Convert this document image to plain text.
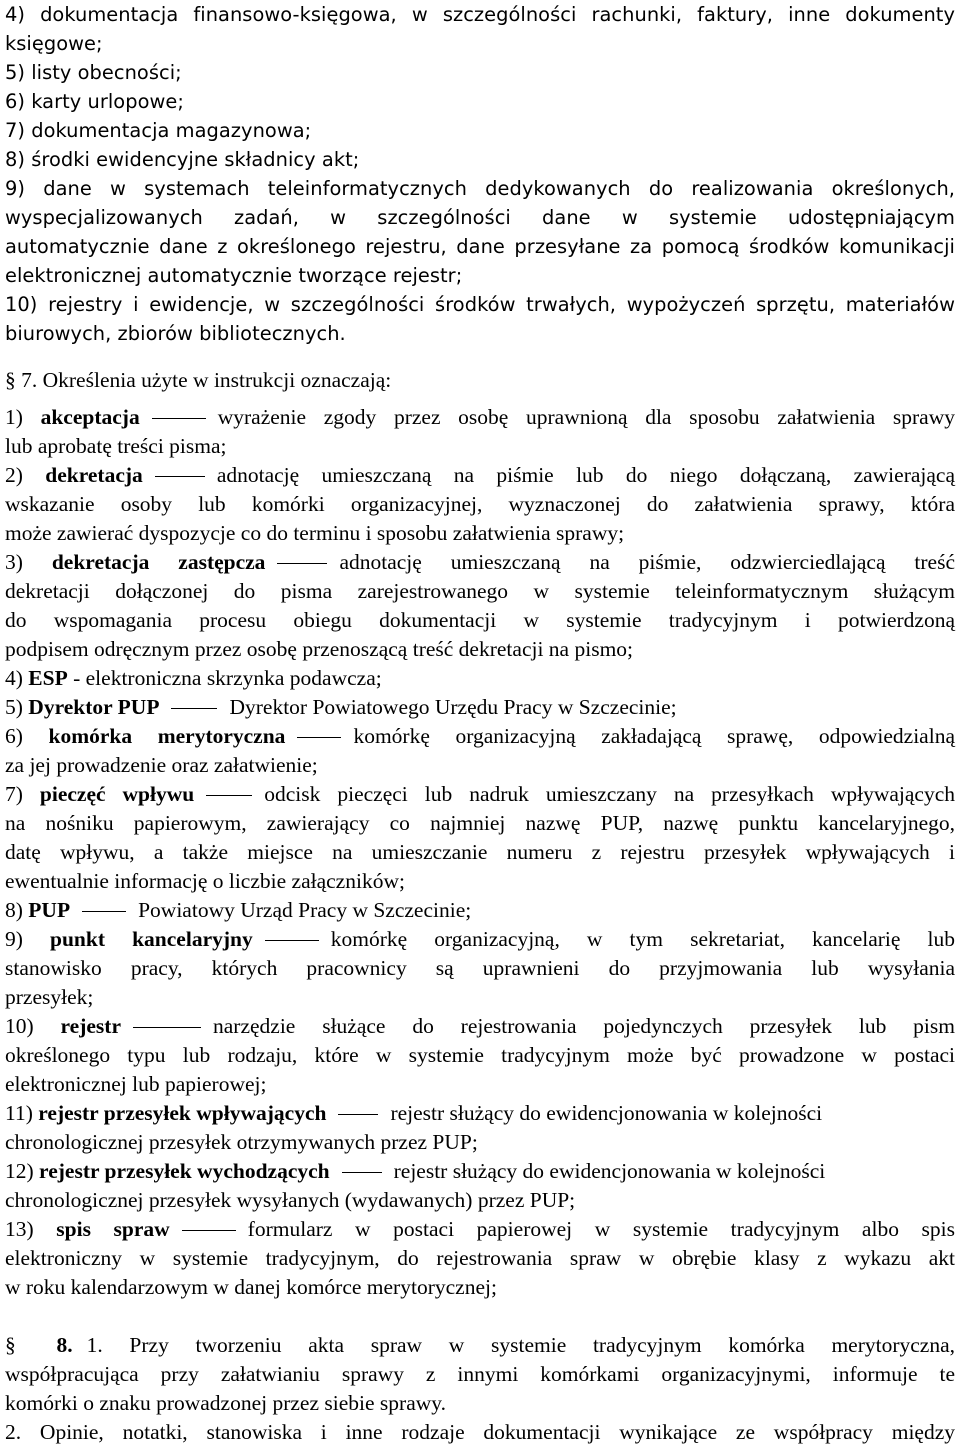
4) dokumentacja finansowo-księgowa, w szczególności rachunki, faktury, inne dokumenty
księgowe;
5) listy obecności;
6) karty urlopowe;
7) dokumentacja magazynowa;
8) środki ewidencyjne składnicy akt;
9) dane w systemach teleinformatycznych dedykowanych do realizowania określonych,
wyspecjalizowanych zadań, w szczególności dane w systemie udostępniającym
automatycznie dane z określonego rejestru, dane przesyłane za pomocą środków komunikacji
elektronicznej automatycznie tworzące rejestr;
10) rejestry i ewidencje, w szczególności środków trwałych, wypożyczeń sprzętu, materiałów
biurowych, zbiorów bibliotecznych.
§ 7. Określenia użyte w instrukcji oznaczają:
1) akceptacja	wyrażenie zgody przez osobę uprawnioną dla sposobu załatwienia sprawy
lub aprobatę treści pisma;
2) dekretacja	adnotację umieszczaną na piśmie lub do niego dołączaną, zawierającą
wskazanie osoby lub komórki organizacyjnej, wyznaczonej do załatwienia sprawy, która
może zawierać dyspozycje co do terminu i sposobu załatwienia sprawy;
3) dekretacja zastępcza	adnotację umieszczaną na piśmie, odzwierciedlającą treść
dekretacji dołączonej do pisma zarejestrowanego w systemie teleinformatycznym służącym
do wspomagania procesu obiegu dokumentacji w systemie tradycyjnym i potwierdzoną
podpisem odręcznym przez osobę przenoszącą treść dekretacji na pismo;
4) ESP - elektroniczna skrzynka podawcza;
5) Dyrektor PUP	Dyrektor Powiatowego Urzędu Pracy w Szczecinie;
6) komórka merytoryczna	komórkę organizacyjną zakładającą sprawę, odpowiedzialną
za jej prowadzenie oraz załatwienie;
7) pieczęć wpływu	odcisk pieczęci lub nadruk umieszczany na przesyłkach wpływających
na nośniku papierowym, zawierający co najmniej nazwę PUP, nazwę punktu kancelaryjnego,
datę wpływu, a także miejsce na umieszczanie numeru z rejestru przesyłek wpływających i
ewentualnie informację o liczbie załączników;
8) PUP	Powiatowy Urząd Pracy w Szczecinie;
9) punkt kancelaryjny	komórkę organizacyjną, w tym sekretariat, kancelarię lub
stanowisko pracy, których pracownicy są uprawnieni do przyjmowania lub wysyłania
przesyłek;
10) rejestr	narzędzie służące do rejestrowania pojedynczych przesyłek lub pism
określonego typu lub rodzaju, które w systemie tradycyjnym może być prowadzone w postaci
elektronicznej lub papierowej;
11) rejestr przesyłek wpływających	rejestr służący do ewidencjonowania w kolejności
chronologicznej przesyłek otrzymywanych przez PUP;
12) rejestr przesyłek wychodzących	rejestr służący do ewidencjonowania w kolejności
chronologicznej przesyłek wysyłanych (wydawanych) przez PUP;
13) spis spraw	formularz w postaci papierowej w systemie tradycyjnym albo spis
elektroniczny w systemie tradycyjnym, do rejestrowania spraw w obrębie klasy z wykazu akt
w roku kalendarzowym w danej komórce merytorycznej;
§ 8. 1. Przy tworzeniu akta spraw w systemie tradycyjnym komórka merytoryczna,
współpracująca przy załatwianiu sprawy z innymi komórkami organizacyjnymi, informuje te
komórki o znaku prowadzonej przez siebie sprawy.
2. Opinie, notatki, stanowiska i inne rodzaje dokumentacji wynikające ze współpracy między
